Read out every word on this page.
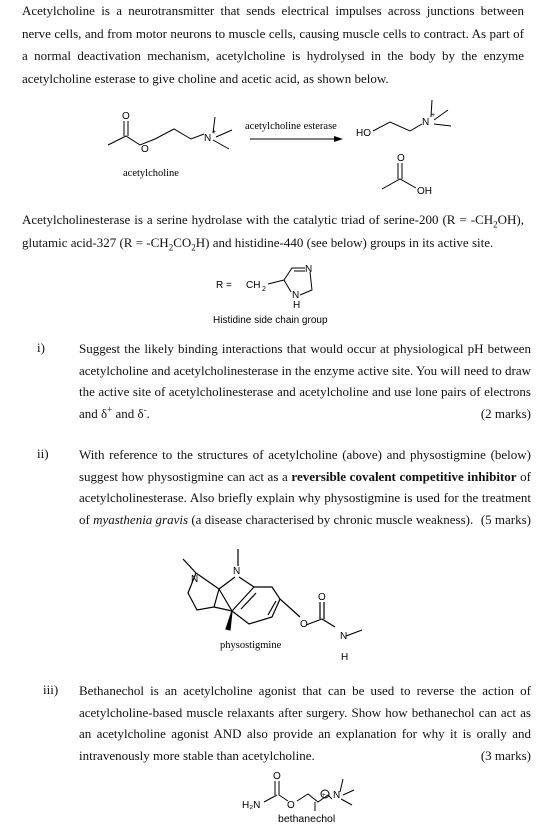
Acetylcholine is a neurotransmitter that sends electrical impulses across junctions between nerve cells, and from motor neurons to muscle cells, causing muscle cells to contract. As part of a normal deactivation mechanism, acetylcholine is hydrolysed in the body by the enzyme acetylcholine esterase to give choline and acetic acid, as shown below.
O
O
N
+
acetylcholine
acetylcholine esterase
HO
N
+
O
OH
Acetylcholinesterase is a serine hydrolase with the catalytic triad of serine-200 $(R = -CH_2OH)$, glutamic acid-327 $(R = -CH_2CO_2H)$ and histidine-440 (see below) groups in its active site.
R = CH 2
N
N
H
Histidine side chain group
i)	Suggest the likely binding interactions that would occur at physiological pH between acetylcholine and acetylcholinesterase in the enzyme active site. You will need to draw the active site of acetylcholinesterase and acetylcholine and use lone pairs of electrons and δ+ and δ-.	(2 marks)
ii) With reference to the structures of acetylcholine (above) and physostigmine (below) suggest how physostigmine can act as a reversible covalent competitive inhibitor of acetylcholinesterase. Also briefly explain why physostigmine is used for the treatment of myasthenia gravis (a disease characterised by chronic muscle weakness). (5 marks)
N
N
O
O
N
H
physostigmine
iii) Bethanechol is an acetylcholine agonist that can be used to reverse the action of acetylcholine-based muscle relaxants after surgery. Show how bethanechol can act as an acetylcholine agonist AND also provide an explanation for why it is orally and intravenously more stable than acetylcholine.	(3 marks)
O
H₂N	O
+ N
bethanechol
